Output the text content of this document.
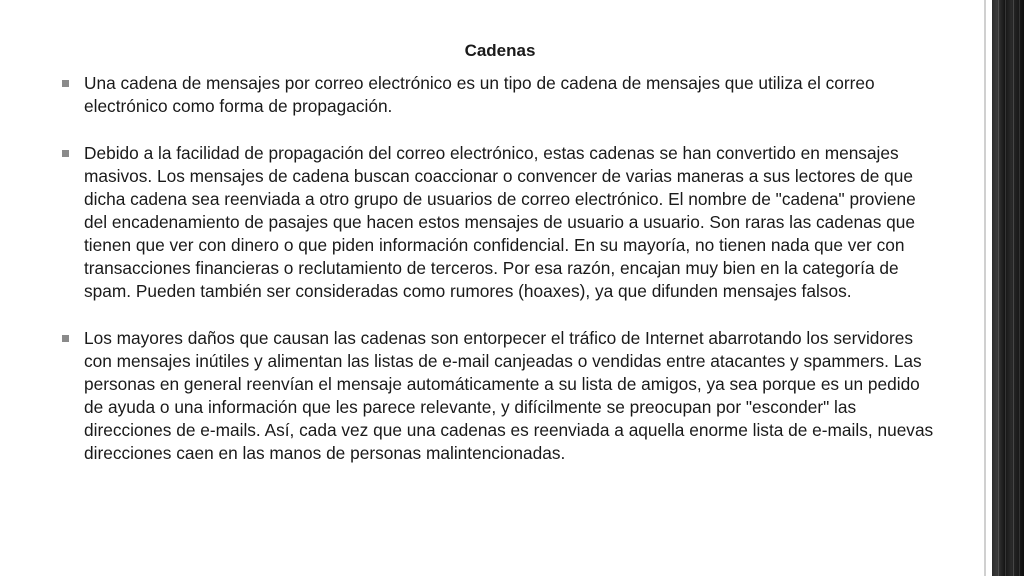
Cadenas
Una cadena de mensajes por correo electrónico es un tipo de cadena de mensajes que utiliza el correo electrónico como forma de propagación.
Debido a la facilidad de propagación del correo electrónico, estas cadenas se han convertido en mensajes masivos. Los mensajes de cadena buscan coaccionar o convencer de varias maneras a sus lectores de que dicha cadena sea reenviada a otro grupo de usuarios de correo electrónico. El nombre de "cadena" proviene del encadenamiento de pasajes que hacen estos mensajes de usuario a usuario. Son raras las cadenas que tienen que ver con dinero o que piden información confidencial. En su mayoría, no tienen nada que ver con transacciones financieras o reclutamiento de terceros. Por esa razón, encajan muy bien en la categoría de spam. Pueden también ser consideradas como rumores (hoaxes), ya que difunden mensajes falsos.
Los mayores daños que causan las cadenas son entorpecer el tráfico de Internet abarrotando los servidores con mensajes inútiles y alimentan las listas de e-mail canjeadas o vendidas entre atacantes y spammers. Las personas en general reenvían el mensaje automáticamente a su lista de amigos, ya sea porque es un pedido de ayuda o una información que les parece relevante, y difícilmente se preocupan por "esconder" las direcciones de e-mails. Así, cada vez que una cadenas es reenviada a aquella enorme lista de e-mails, nuevas direcciones caen en las manos de personas malintencionadas.
